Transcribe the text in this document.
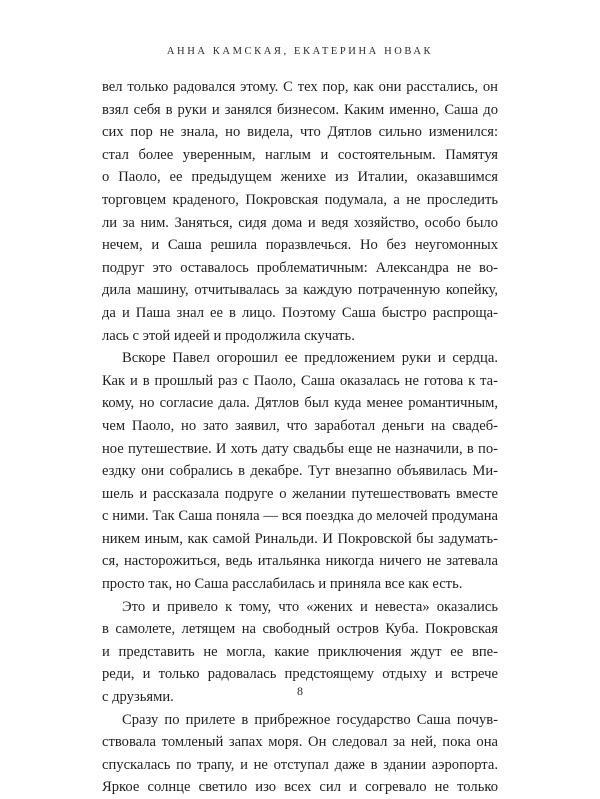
АННА КАМСКАЯ, ЕКАТЕРИНА НОВАК
вел только радовался этому. С тех пор, как они расстались, он
взял себя в руки и занялся бизнесом. Каким именно, Саша до
сих пор не знала, но видела, что Дятлов сильно изменился:
стал более уверенным, наглым и состоятельным. Памятуя
о Паоло, ее предыдущем женихе из Италии, оказавшимся
торговцем краденого, Покровская подумала, а не проследить
ли за ним. Заняться, сидя дома и ведя хозяйство, особо было
нечем, и Саша решила поразвлечься. Но без неугомонных
подруг это оставалось проблематичным: Александра не во-
дила машину, отчитывалась за каждую потраченную копейку,
да и Паша знал ее в лицо. Поэтому Саша быстро распроща-
лась с этой идеей и продолжила скучать.
Вскоре Павел огорошил ее предложением руки и сердца.
Как и в прошлый раз с Паоло, Саша оказалась не готова к та-
кому, но согласие дала. Дятлов был куда менее романтичным,
чем Паоло, но зато заявил, что заработал деньги на свадеб-
ное путешествие. И хоть дату свадьбы еще не назначили, в по-
ездку они собрались в декабре. Тут внезапно объявилась Ми-
шель и рассказала подруге о желании путешествовать вместе
с ними. Так Саша поняла — вся поездка до мелочей продумана
никем иным, как самой Ринальди. И Покровской бы задумать-
ся, насторожиться, ведь итальянка никогда ничего не затевала
просто так, но Саша расслабилась и приняла все как есть.
Это и привело к тому, что «жених и невеста» оказались
в самолете, летящем на свободный остров Куба. Покровская
и представить не могла, какие приключения ждут ее впе-
реди, и только радовалась предстоящему отдыху и встрече
с друзьями.
Сразу по прилете в прибрежное государство Саша почув-
ствовала томленый запах моря. Он следовал за ней, пока она
спускалась по трапу, и не отступал даже в здании аэропорта.
Яркое солнце светило изо всех сил и согревало не только
8
